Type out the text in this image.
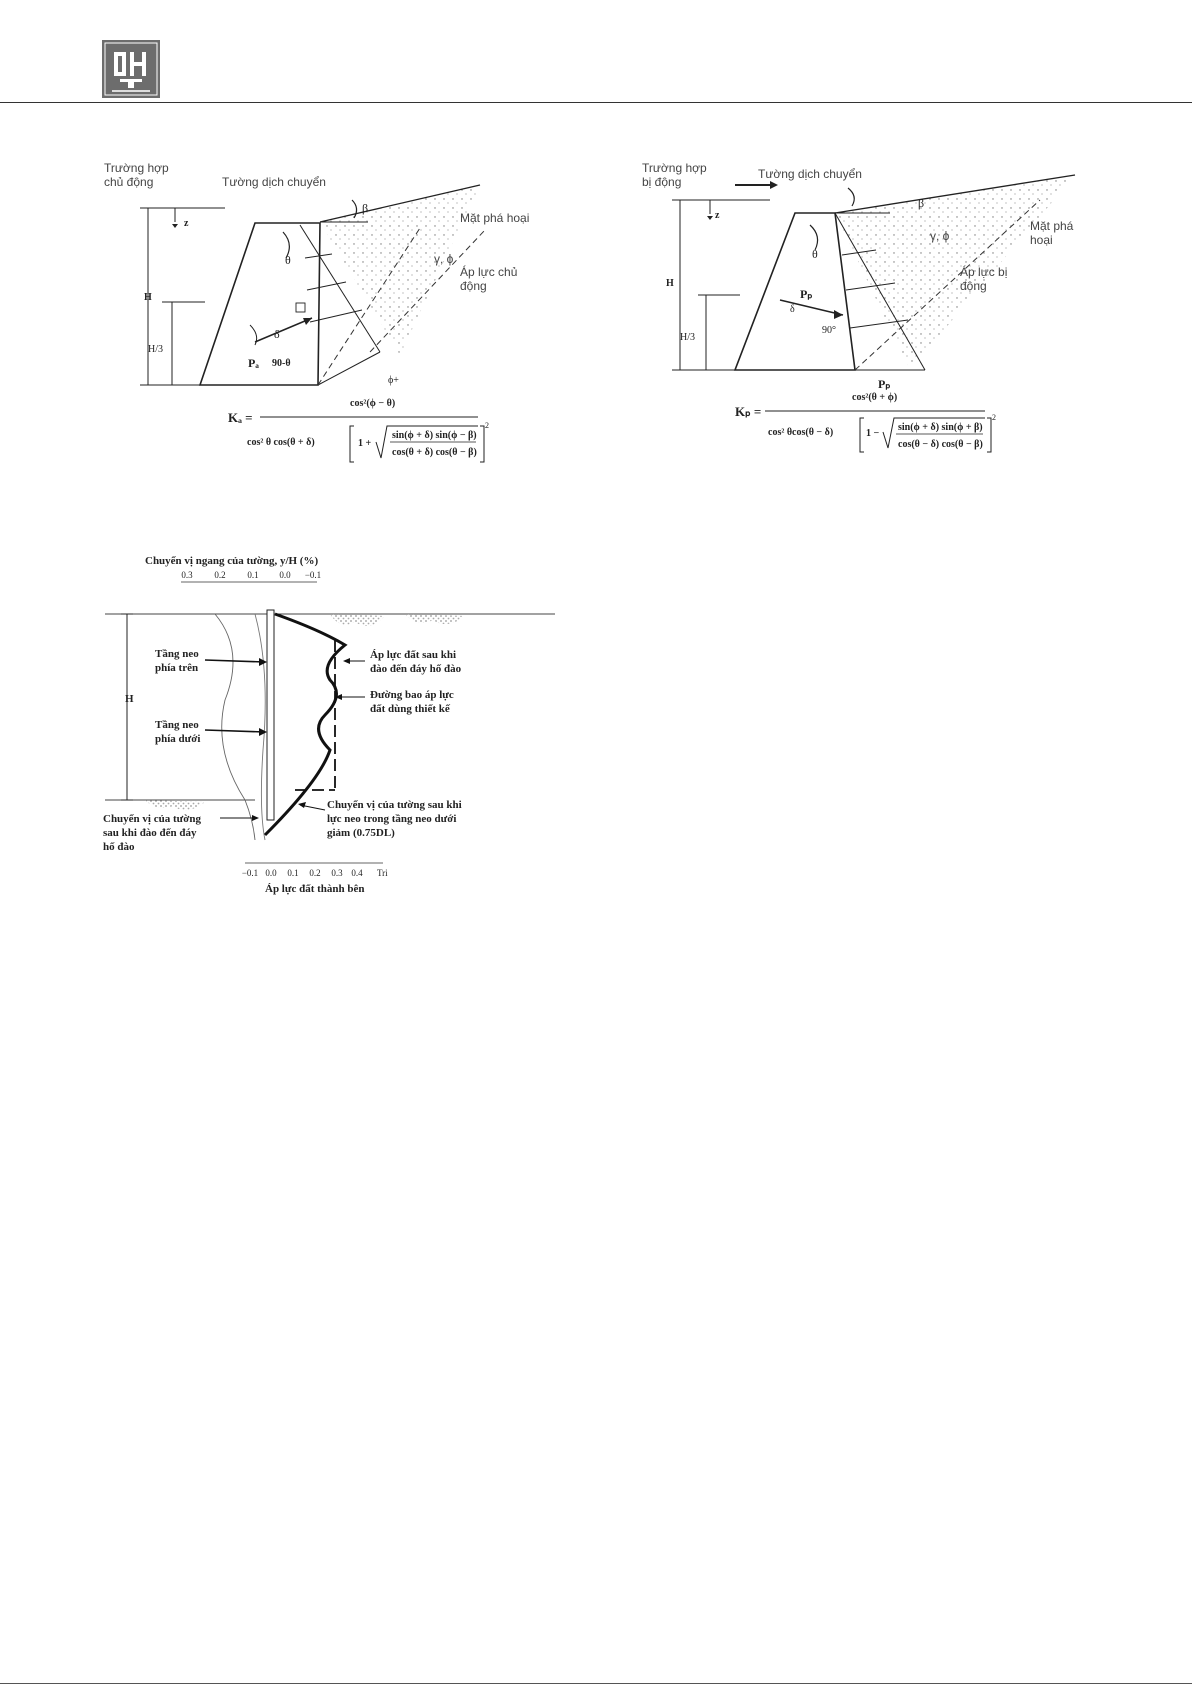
Trường hợp
chủ động	Tường dịch chuyển
Mặt phá hoại
γ, ϕ
Áp lực chủ
động
β
θ
δ
z
H
H/3
Pₐ 90-θ
ϕ+
Kₐ =
cos²(ϕ − θ)
cos² θ cos(θ + δ)	1 +
sin(ϕ + δ) sin(ϕ − β)
cos(θ + δ) cos(θ − β)
2
Trường hợp
bị động
Tường dịch chuyển
Mặt phá
hoại
γ, ϕ
Áp lực bị
động
β
θ
δ
z
H
H/3
Pₚ
90°
Pₚ
Kₚ =
cos²(θ + ϕ)
cos² θcos(θ − δ)	1 −
sin(ϕ + δ) sin(ϕ + β)
cos(θ − δ) cos(θ − β)
2
Chuyển vị ngang của tường, y/H (%)
0.3 0.2 0.1 0.0 −0.1
H
Tầng neo
phía trên
Tầng neo
phía dưới
Áp lực đất sau khi
đào đến đáy hố đào
Đường bao áp lực
đất dùng thiết kế
Chuyển vị của tường sau khi
lực neo trong tầng neo dưới
giảm (0.75DL)
Chuyển vị của tường
sau khi đào đến đáy
hố đào
−0.1 0.0 0.1 0.2 0.3 0.4 Tri
Áp lực đất thành bên
